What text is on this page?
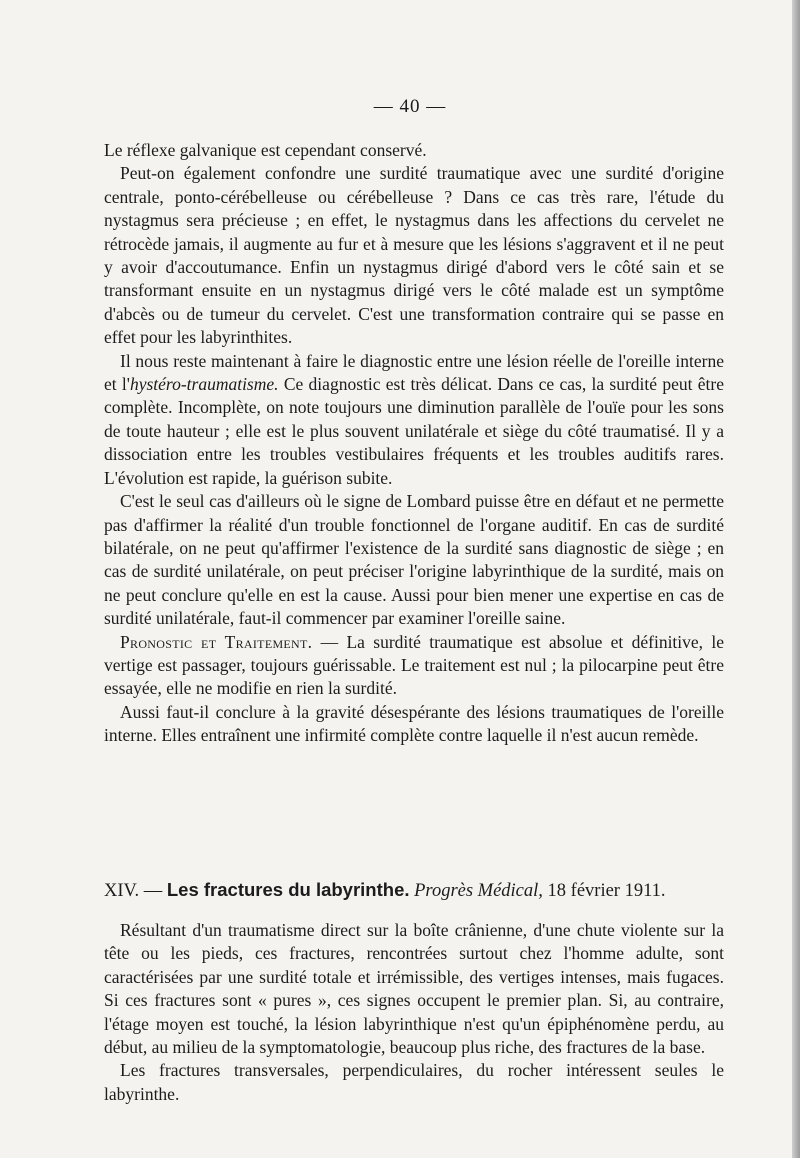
— 40 —

Le réflexe galvanique est cependant conservé.

Peut-on également confondre une surdité traumatique avec une surdité d'origine centrale, ponto-cérébelleuse ou cérébelleuse ? Dans ce cas très rare, l'étude du nystagmus sera précieuse ; en effet, le nystagmus dans les affections du cervelet ne rétrocède jamais, il augmente au fur et à mesure que les lésions s'aggravent et il ne peut y avoir d'accoutumance. Enfin un nystagmus dirigé d'abord vers le côté sain et se transformant ensuite en un nystagmus dirigé vers le côté malade est un symptôme d'abcès ou de tumeur du cervelet. C'est une transformation contraire qui se passe en effet pour les labyrinthites.

Il nous reste maintenant à faire le diagnostic entre une lésion réelle de l'oreille interne et l'hystéro-traumatisme. Ce diagnostic est très délicat. Dans ce cas, la surdité peut être complète. Incomplète, on note toujours une diminution parallèle de l'ouïe pour les sons de toute hauteur ; elle est le plus souvent unilatérale et siège du côté traumatisé. Il y a dissociation entre les troubles vestibulaires fréquents et les troubles auditifs rares. L'évolution est rapide, la guérison subite.

C'est le seul cas d'ailleurs où le signe de Lombard puisse être en défaut et ne permette pas d'affirmer la réalité d'un trouble fonctionnel de l'organe auditif. En cas de surdité bilatérale, on ne peut qu'affirmer l'existence de la surdité sans diagnostic de siège ; en cas de surdité unilatérale, on peut préciser l'origine labyrinthique de la surdité, mais on ne peut conclure qu'elle en est la cause. Aussi pour bien mener une expertise en cas de surdité unilatérale, faut-il commencer par examiner l'oreille saine.

Pronostic et Traitement. — La surdité traumatique est absolue et définitive, le vertige est passager, toujours guérissable. Le traitement est nul ; la pilocarpine peut être essayée, elle ne modifie en rien la surdité.

Aussi faut-il conclure à la gravité désespérante des lésions traumatiques de l'oreille interne. Elles entraînent une infirmité complète contre laquelle il n'est aucun remède.

XIV. — Les fractures du labyrinthe. Progrès Médical, 18 février 1911.

Résultant d'un traumatisme direct sur la boîte crânienne, d'une chute violente sur la tête ou les pieds, ces fractures, rencontrées surtout chez l'homme adulte, sont caractérisées par une surdité totale et irrémissible, des vertiges intenses, mais fugaces. Si ces fractures sont « pures », ces signes occupent le premier plan. Si, au contraire, l'étage moyen est touché, la lésion labyrinthique n'est qu'un épiphénomène perdu, au début, au milieu de la symptomatologie, beaucoup plus riche, des fractures de la base.

Les fractures transversales, perpendiculaires, du rocher intéressent seules le labyrinthe.
